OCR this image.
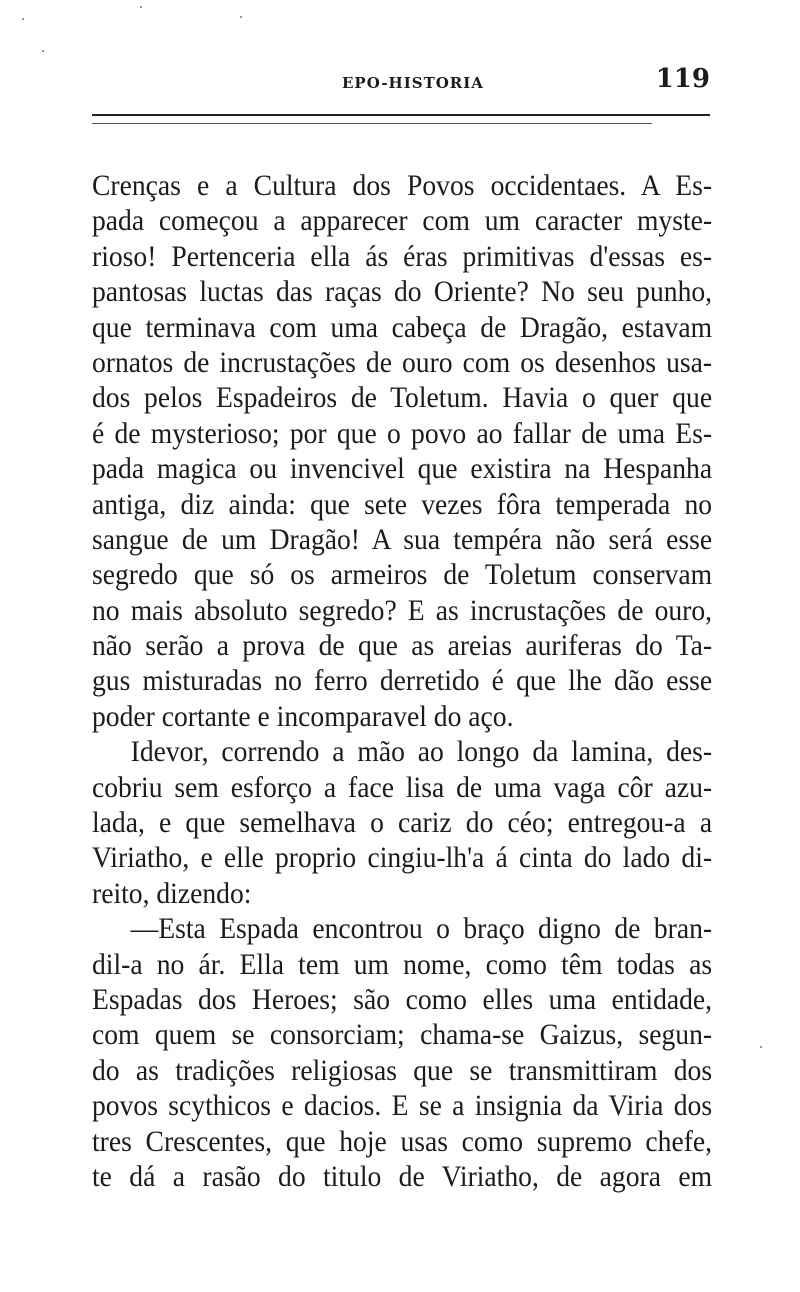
EPO-HISTORIA	119
Crenças e a Cultura dos Povos occidentaes. A Es-
pada começou a apparecer com um caracter myste-
rioso! Pertenceria ella ás éras primitivas d'essas es-
pantosas luctas das raças do Oriente? No seu punho,
que terminava com uma cabeça de Dragão, estavam
ornatos de incrustações de ouro com os desenhos usa-
dos pelos Espadeiros de Toletum. Havia o quer que
é de mysterioso; por que o povo ao fallar de uma Es-
pada magica ou invencivel que existira na Hespanha
antiga, diz ainda: que sete vezes fôra temperada no
sangue de um Dragão! A sua tempéra não será esse
segredo que só os armeiros de Toletum conservam
no mais absoluto segredo? E as incrustações de ouro,
não serão a prova de que as areias auriferas do Ta-
gus misturadas no ferro derretido é que lhe dão esse
poder cortante e incomparavel do aço.
Idevor, correndo a mão ao longo da lamina, des-
cobriu sem esforço a face lisa de uma vaga côr azu-
lada, e que semelhava o cariz do céo; entregou-a a
Viriatho, e elle proprio cingiu-lh'a á cinta do lado di-
reito, dizendo:
—Esta Espada encontrou o braço digno de bran-
dil-a no ár. Ella tem um nome, como têm todas as
Espadas dos Heroes; são como elles uma entidade,
com quem se consorciam; chama-se Gaizus, segun-
do as tradições religiosas que se transmittiram dos
povos scythicos e dacios. E se a insignia da Viria dos
tres Crescentes, que hoje usas como supremo chefe,
te dá a rasão do titulo de Viriatho, de agora em
